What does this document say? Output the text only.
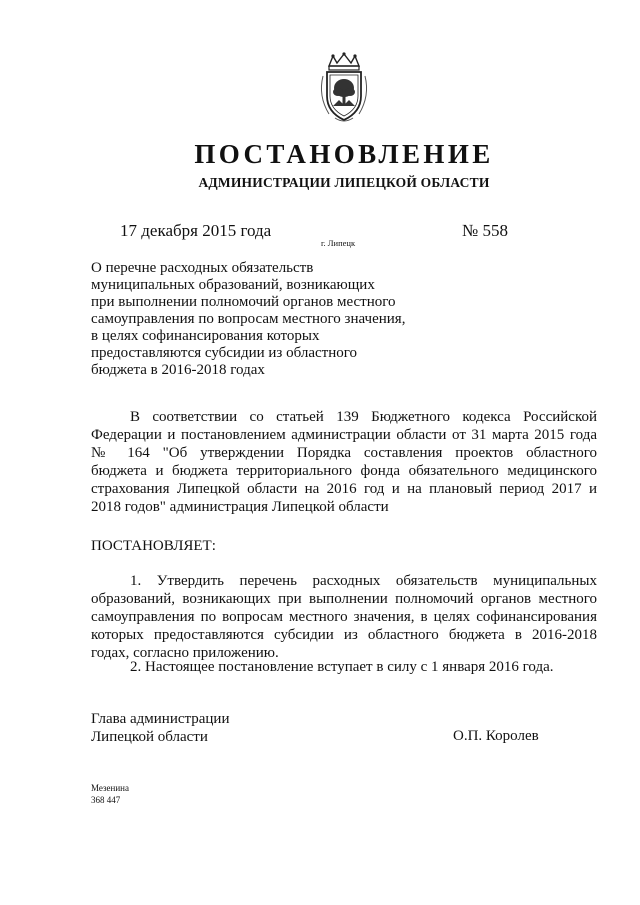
ПОСТАНОВЛЕНИЕ
АДМИНИСТРАЦИИ ЛИПЕЦКОЙ ОБЛАСТИ
17 декабря 2015 года
г. Липецк
№ 558
О перечне расходных обязательств
муниципальных образований, возникающих
при выполнении полномочий органов местного
самоуправления по вопросам местного значения,
в целях софинансирования которых
предоставляются субсидии из областного
бюджета в 2016-2018 годах
В соответствии со статьей 139 Бюджетного кодекса Российской
Федерации и постановлением администрации области от 31 марта 2015 года
№ 164 "Об утверждении Порядка составления проектов областного
бюджета и бюджета территориального фонда обязательного медицинского
страхования Липецкой области на 2016 год и на плановый период 2017 и
2018 годов" администрация Липецкой области
ПОСТАНОВЛЯЕТ:
1. Утвердить перечень расходных обязательств муниципальных
образований, возникающих при выполнении полномочий органов местного
самоуправления по вопросам местного значения, в целях софинансирования
которых предоставляются субсидии из областного бюджета в 2016-2018
годах, согласно приложению.
2. Настоящее постановление вступает в силу с 1 января 2016 года.
Глава администрации
Липецкой области	О.П. Королев
Мезенина
368 447
